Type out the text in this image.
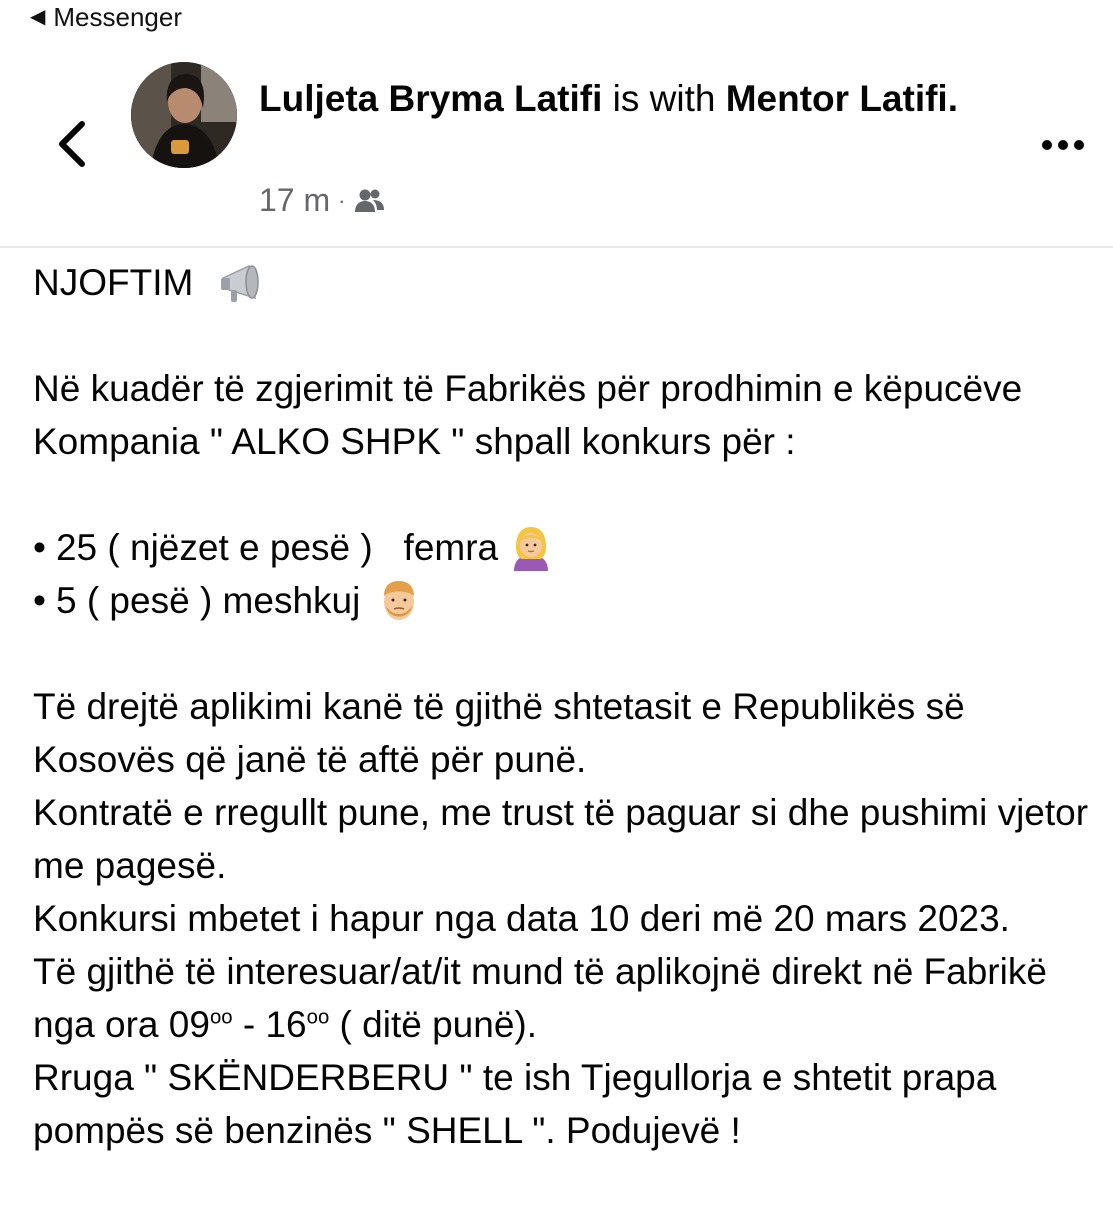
◀ Messenger
Luljeta Bryma Latifi is with Mentor Latifi.
17 m ·

NJOFTIM

Në kuadër të zgjerimit të Fabrikës për prodhimin e këpucëve Kompania " ALKO SHPK " shpall konkurs për :

• 25 ( njëzet e pesë )   femra
• 5 ( pesë ) meshkuj

Të drejtë aplikimi kanë të gjithë shtetasit e Republikës së Kosovës që janë të aftë për punë.

Kontratë e rregullt pune, me trust të paguar si dhe pushimi vjetor me pagesë.

Konkursi mbetet i hapur nga data 10 deri më 20 mars 2023.

Të gjithë të interesuar/at/it mund të aplikojnë direkt në Fabrikë nga ora $09^{oo} - 16^{oo}$ ( ditë punë).

Rruga " SKËNDERBERU " te ish Tjegullorja e shtetit prapa pompës së benzinës " SHELL ". Podujevë !
